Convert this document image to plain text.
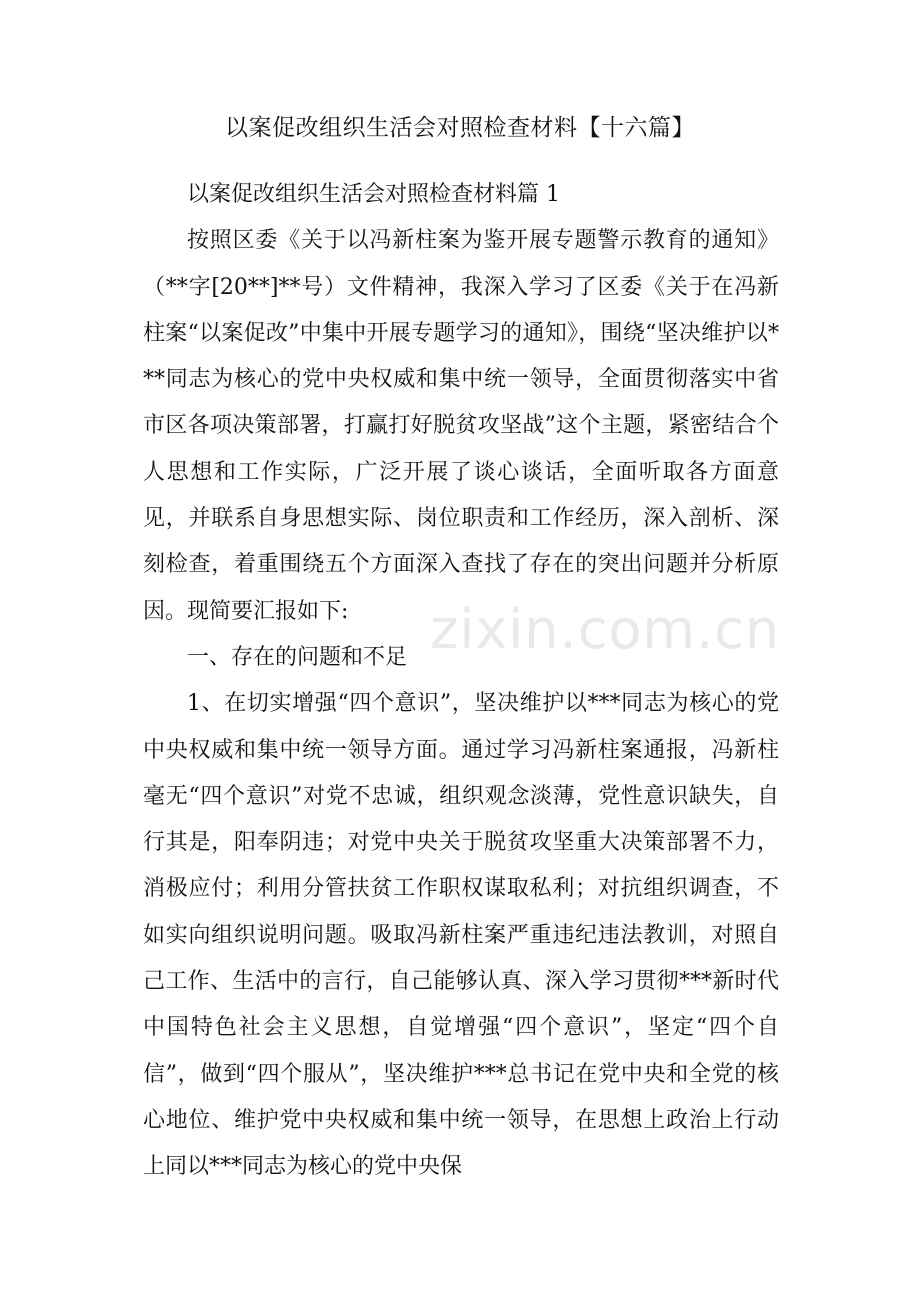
以案促改组织生活会对照检查材料【十六篇】

以案促改组织生活会对照检查材料篇 1

按照区委《关于以冯新柱案为鉴开展专题警示教育的通知》（**字[20**]**号）文件精神，我深入学习了区委《关于在冯新柱案“以案促改”中集中开展专题学习的通知》，围绕“坚决维护以***同志为核心的党中央权威和集中统一领导，全面贯彻落实中省市区各项决策部署，打赢打好脱贫攻坚战”这个主题，紧密结合个人思想和工作实际，广泛开展了谈心谈话，全面听取各方面意见，并联系自身思想实际、岗位职责和工作经历，深入剖析、深刻检查，着重围绕五个方面深入查找了存在的突出问题并分析原因。现简要汇报如下:

一、存在的问题和不足

1、在切实增强“四个意识”，坚决维护以***同志为核心的党中央权威和集中统一领导方面。通过学习冯新柱案通报，冯新柱毫无“四个意识”对党不忠诚，组织观念淡薄，党性意识缺失，自行其是，阳奉阴违；对党中央关于脱贫攻坚重大决策部署不力，消极应付；利用分管扶贫工作职权谋取私利；对抗组织调查，不如实向组织说明问题。吸取冯新柱案严重违纪违法教训，对照自己工作、生活中的言行，自己能够认真、深入学习贯彻***新时代中国特色社会主义思想，自觉增强“四个意识”，坚定“四个自信”，做到“四个服从”，坚决维护***总书记在党中央和全党的核心地位、维护党中央权威和集中统一领导，在思想上政治上行动上同以***同志为核心的党中央保

zixin.com.cn
